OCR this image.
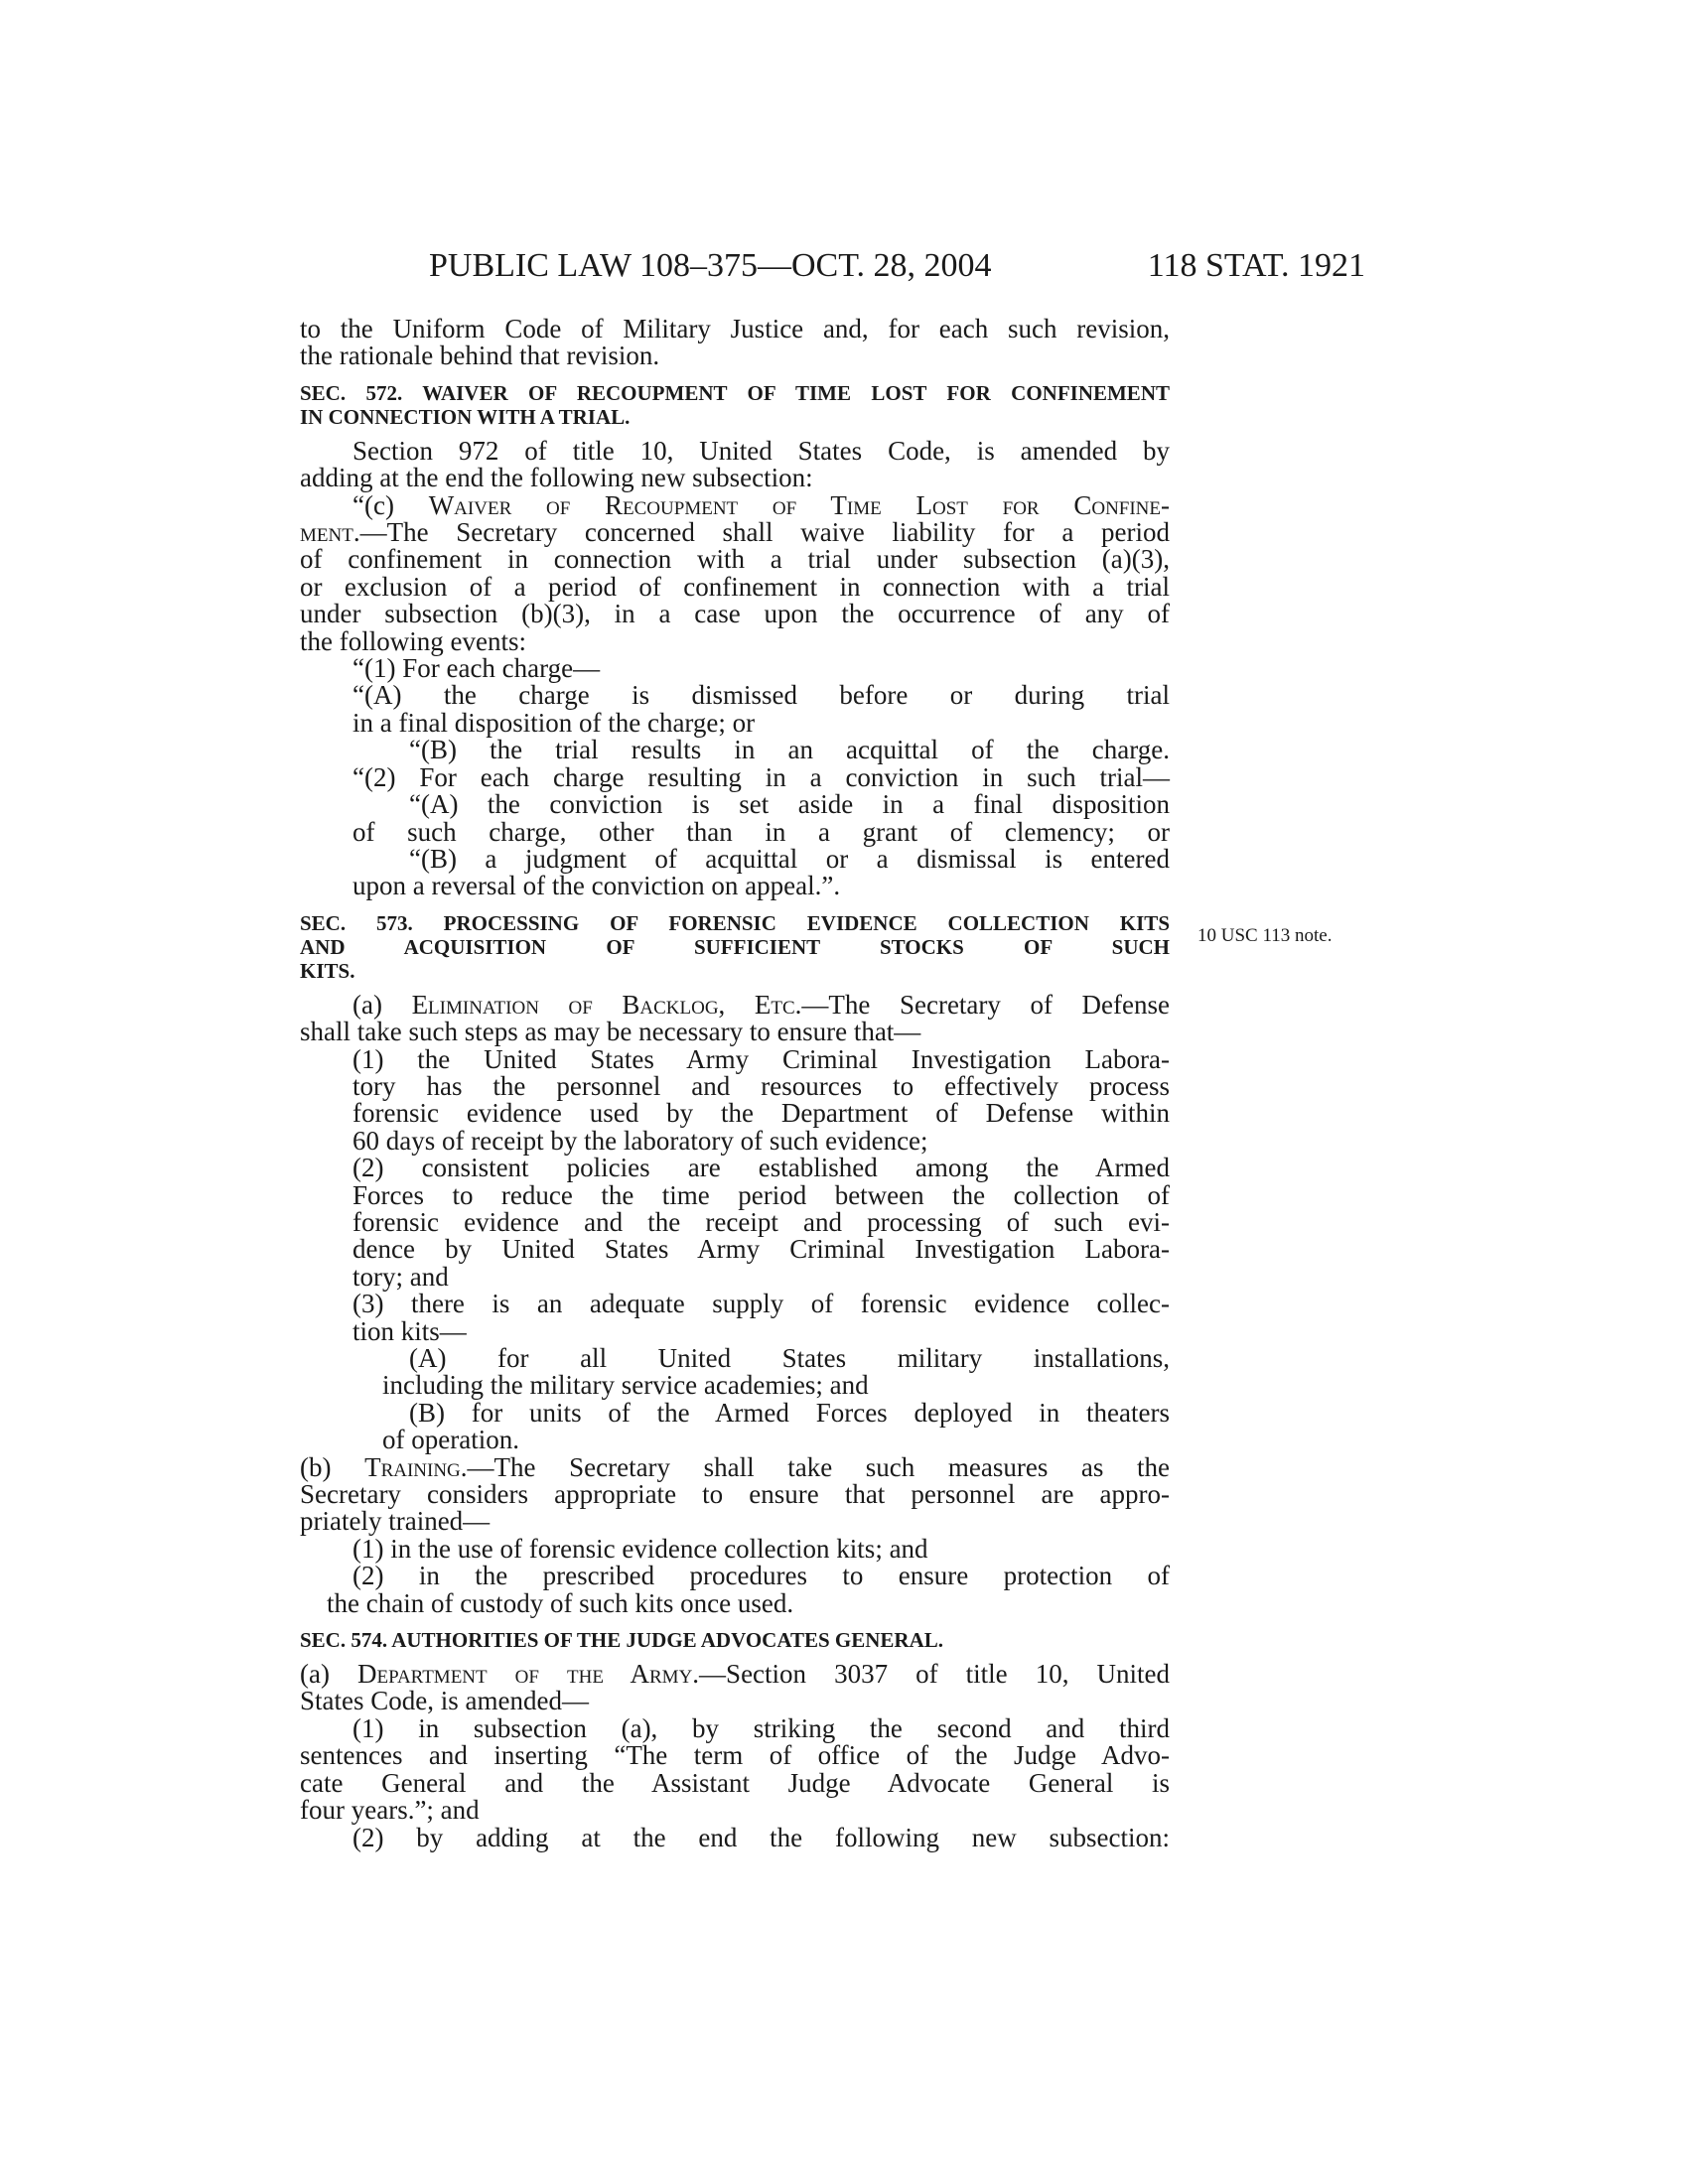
PUBLIC LAW 108–375—OCT. 28, 2004	118 STAT. 1921
10 USC 113 note.

to the Uniform Code of Military Justice and, for each such revision,

the rationale behind that revision.

SEC. 572. WAIVER OF RECOUPMENT OF TIME LOST FOR CONFINEMENT

IN CONNECTION WITH A TRIAL.

Section 972 of title 10, United States Code, is amended by

adding at the end the following new subsection:

“(c) Waiver of Recoupment of Time Lost for Confine-

ment.—The Secretary concerned shall waive liability for a period

of confinement in connection with a trial under subsection (a)(3),

or exclusion of a period of confinement in connection with a trial

under subsection (b)(3), in a case upon the occurrence of any of

the following events:

“(1) For each charge—

“(A) the charge is dismissed before or during trial

in a final disposition of the charge; or

“(B) the trial results in an acquittal of the charge.

“(2) For each charge resulting in a conviction in such trial—

“(A) the conviction is set aside in a final disposition

of such charge, other than in a grant of clemency; or

“(B) a judgment of acquittal or a dismissal is entered

upon a reversal of the conviction on appeal.”.

SEC. 573. PROCESSING OF FORENSIC EVIDENCE COLLECTION KITS

AND ACQUISITION OF SUFFICIENT STOCKS OF SUCH

KITS.

(a) Elimination of Backlog, Etc.—The Secretary of Defense

shall take such steps as may be necessary to ensure that—

(1) the United States Army Criminal Investigation Labora-

tory has the personnel and resources to effectively process

forensic evidence used by the Department of Defense within

60 days of receipt by the laboratory of such evidence;

(2) consistent policies are established among the Armed

Forces to reduce the time period between the collection of

forensic evidence and the receipt and processing of such evi-

dence by United States Army Criminal Investigation Labora-

tory; and

(3) there is an adequate supply of forensic evidence collec-

tion kits—

(A) for all United States military installations,

including the military service academies; and

(B) for units of the Armed Forces deployed in theaters

of operation.

(b) Training.—The Secretary shall take such measures as the

Secretary considers appropriate to ensure that personnel are appro-

priately trained—

(1) in the use of forensic evidence collection kits; and

(2) in the prescribed procedures to ensure protection of

the chain of custody of such kits once used.

SEC. 574. AUTHORITIES OF THE JUDGE ADVOCATES GENERAL.

(a) Department of the Army.—Section 3037 of title 10, United

States Code, is amended—

(1) in subsection (a), by striking the second and third

sentences and inserting “The term of office of the Judge Advo-

cate General and the Assistant Judge Advocate General is

four years.”; and

(2) by adding at the end the following new subsection:
